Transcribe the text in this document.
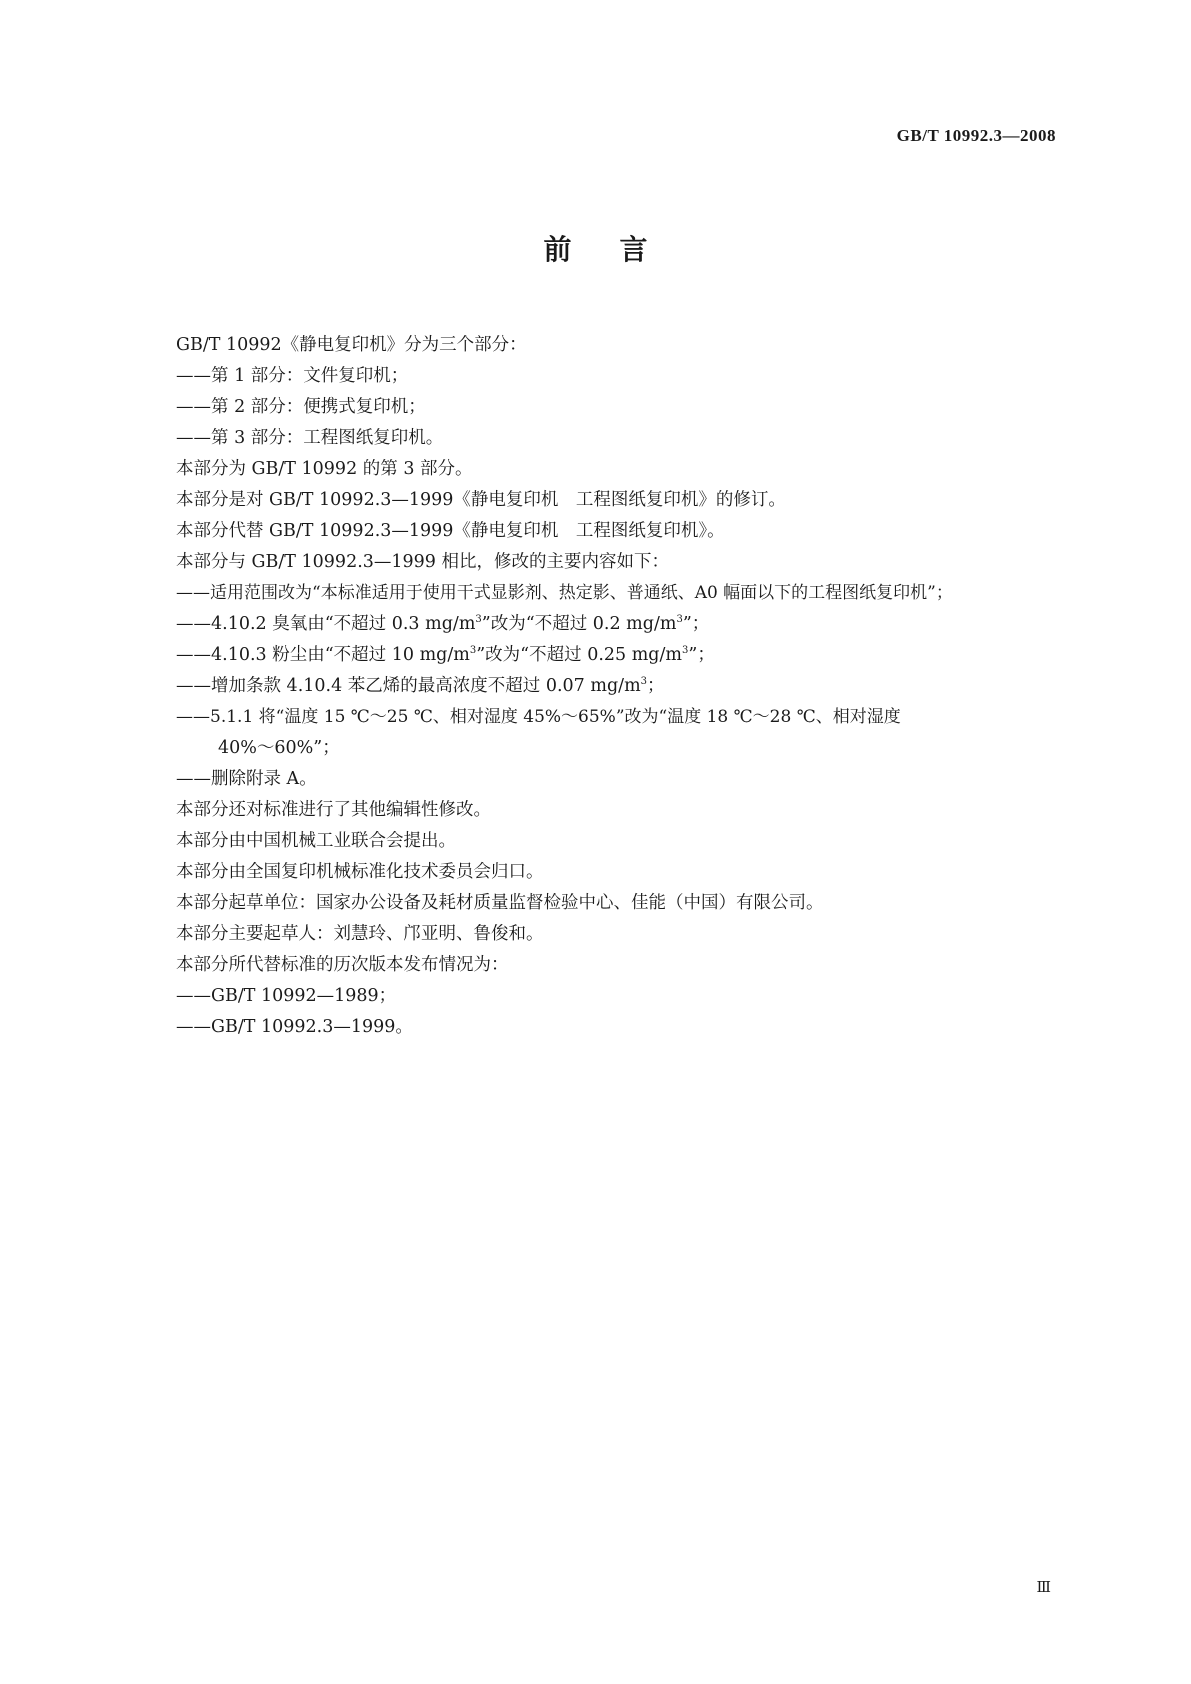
GB/T 10992.3—2008
前言

GB/T 10992《静电复印机》分为三个部分：

——第 1 部分：文件复印机；

——第 2 部分：便携式复印机；

——第 3 部分：工程图纸复印机。

本部分为 GB/T 10992 的第 3 部分。

本部分是对 GB/T 10992.3—1999《静电复印机　工程图纸复印机》的修订。

本部分代替 GB/T 10992.3—1999《静电复印机　工程图纸复印机》。

本部分与 GB/T 10992.3—1999 相比，修改的主要内容如下：

——适用范围改为“本标准适用于使用干式显影剂、热定影、普通纸、A0 幅面以下的工程图纸复印机”；

——4.10.2 臭氧由“不超过 0.3 $mg/m^3$”改为“不超过 0.2 $mg/m^3$”；

——4.10.3 粉尘由“不超过 10 $mg/m^3$”改为“不超过 0.25 $mg/m^3$”；

——增加条款 4.10.4 苯乙烯的最高浓度不超过 0.07 $mg/m^3$；

——5.1.1 将“温度 15 ℃～25 ℃、相对湿度 45%～65%”改为“温度 18 ℃～28 ℃、相对湿度

40%～60%”；

——删除附录 A。

本部分还对标准进行了其他编辑性修改。

本部分由中国机械工业联合会提出。

本部分由全国复印机械标准化技术委员会归口。

本部分起草单位：国家办公设备及耗材质量监督检验中心、佳能（中国）有限公司。

本部分主要起草人：刘慧玲、邝亚明、鲁俊和。

本部分所代替标准的历次版本发布情况为：

——GB/T 10992—1989；

——GB/T 10992.3—1999。

Ⅲ
